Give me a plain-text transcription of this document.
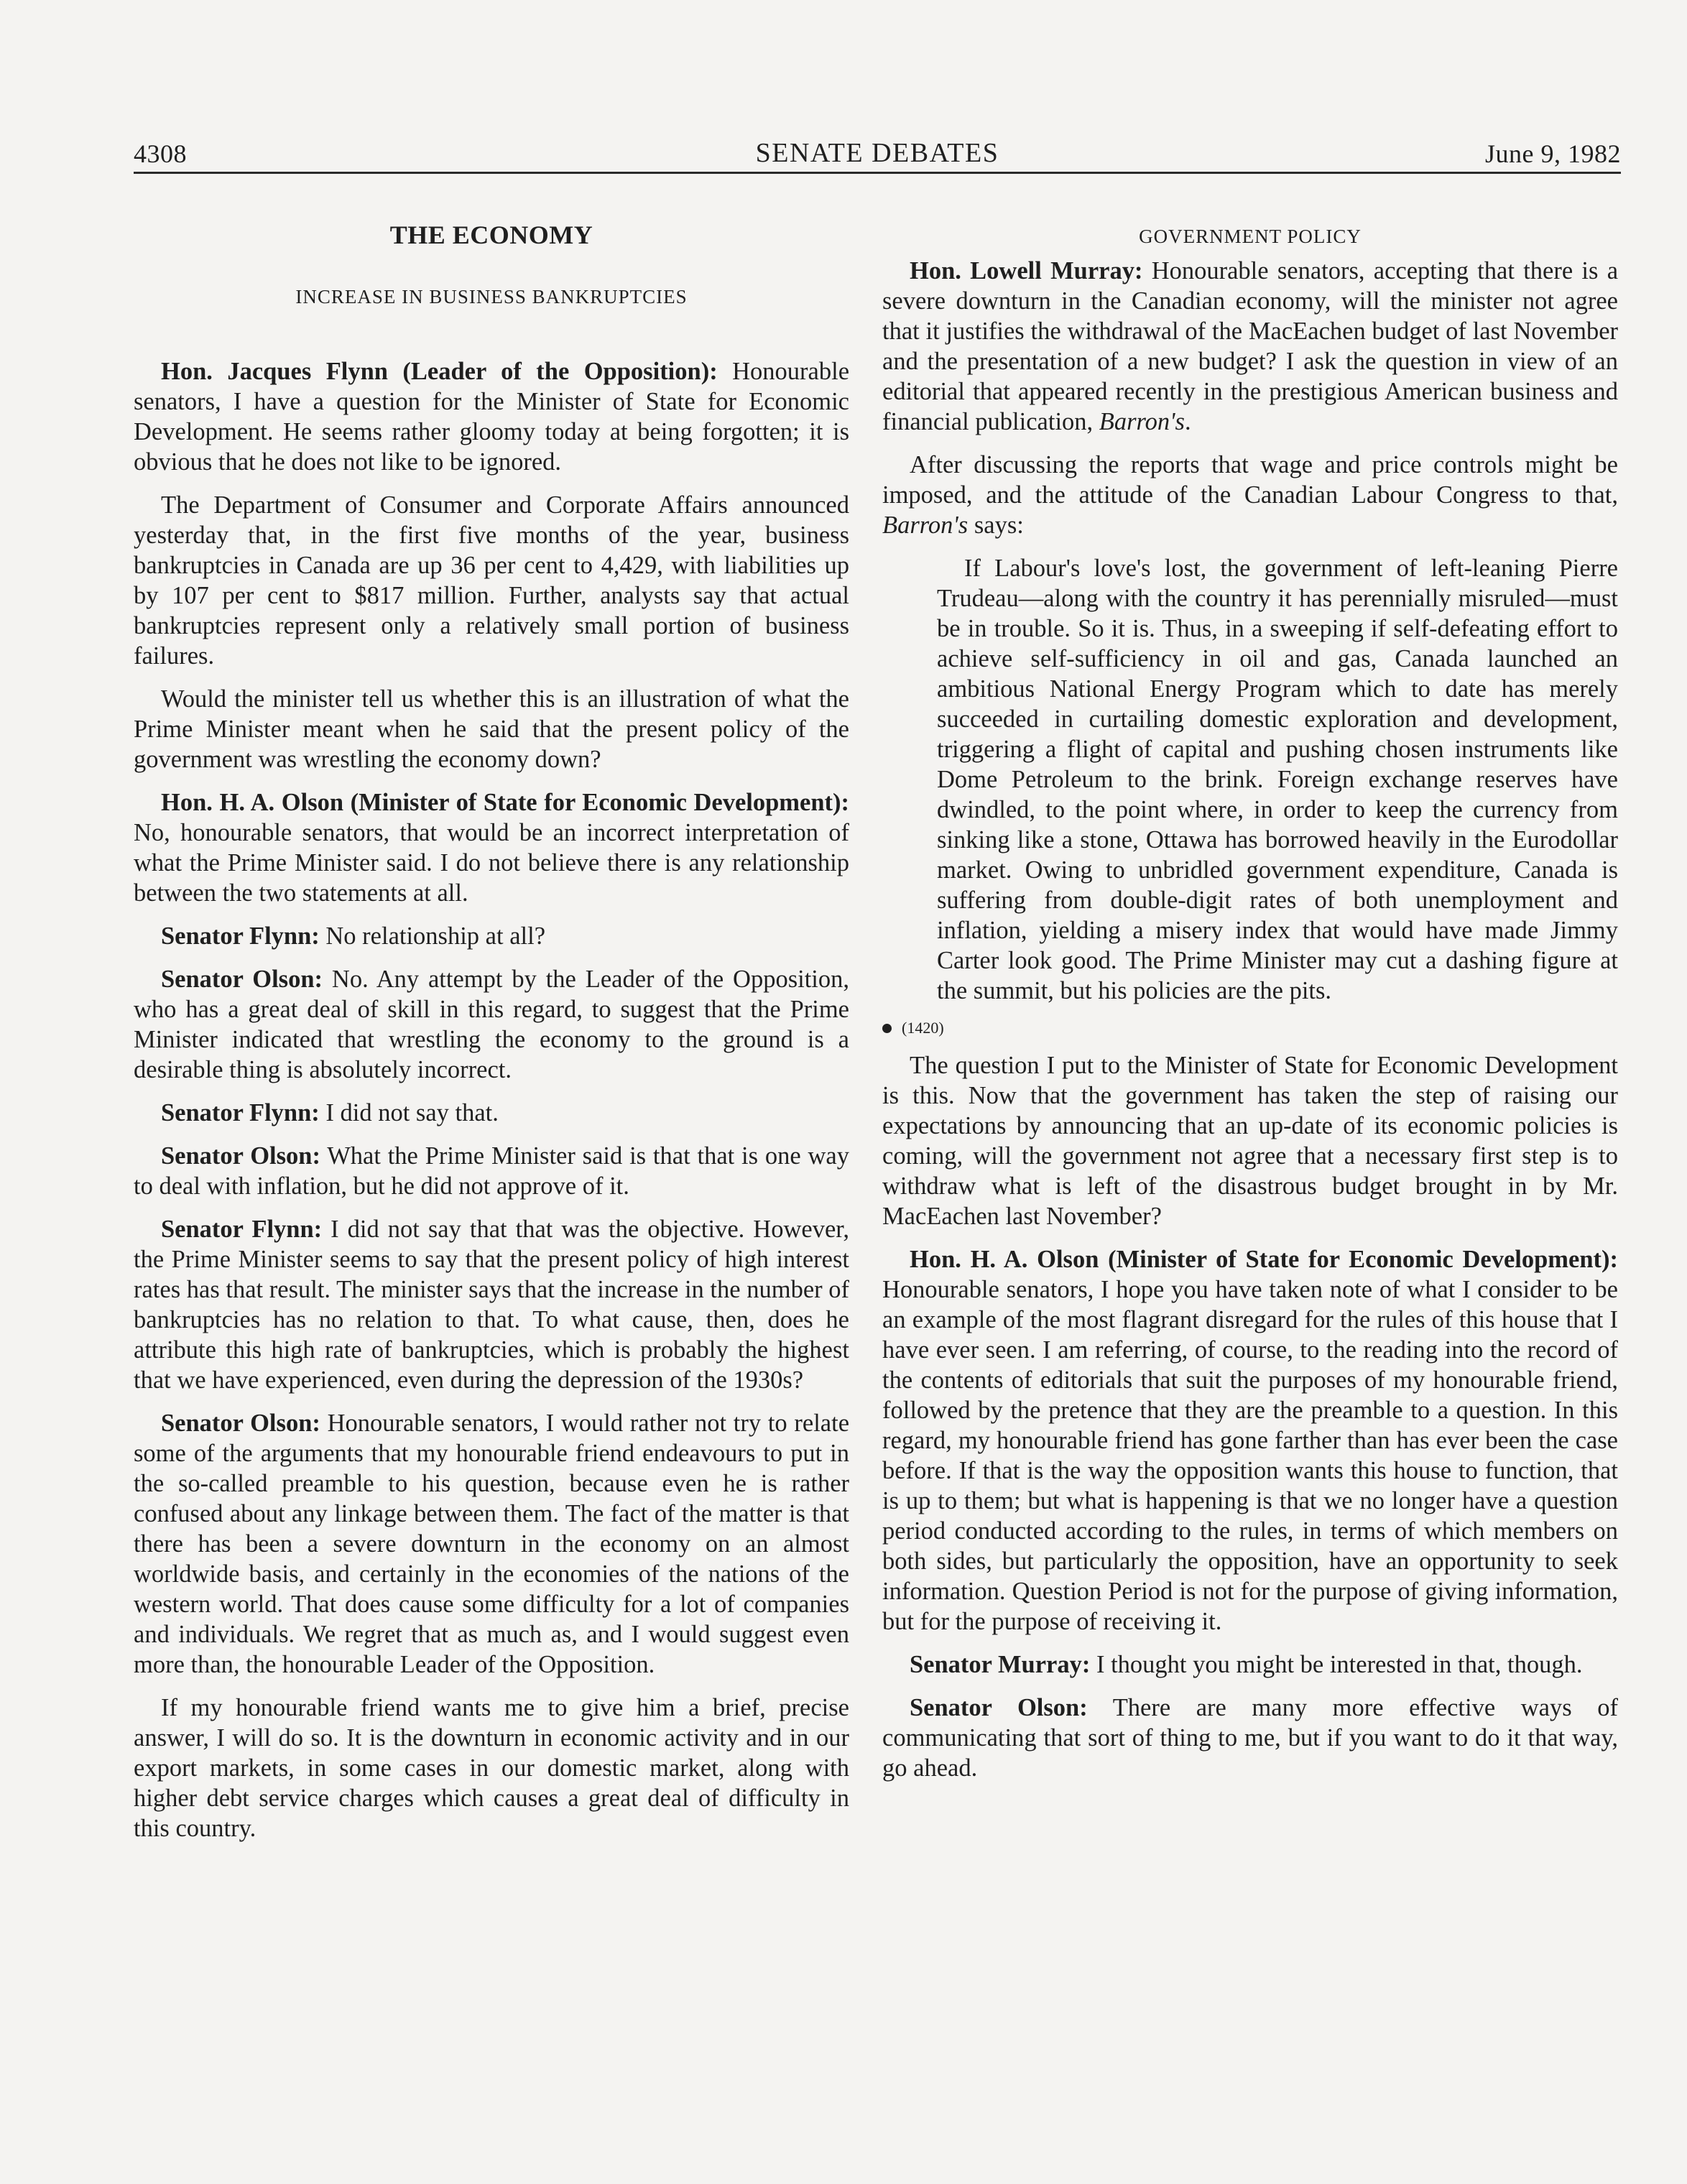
4308	SENATE DEBATES	June 9, 1982
THE ECONOMY
INCREASE IN BUSINESS BANKRUPTCIES

Hon. Jacques Flynn (Leader of the Opposition): Honourable senators, I have a question for the Minister of State for Economic Development. He seems rather gloomy today at being forgotten; it is obvious that he does not like to be ignored.

The Department of Consumer and Corporate Affairs announced yesterday that, in the first five months of the year, business bankruptcies in Canada are up 36 per cent to 4,429, with liabilities up by 107 per cent to $817 million. Further, analysts say that actual bankruptcies represent only a relatively small portion of business failures.

Would the minister tell us whether this is an illustration of what the Prime Minister meant when he said that the present policy of the government was wrestling the economy down?

Hon. H. A. Olson (Minister of State for Economic Development): No, honourable senators, that would be an incorrect interpretation of what the Prime Minister said. I do not believe there is any relationship between the two statements at all.

Senator Flynn: No relationship at all?

Senator Olson: No. Any attempt by the Leader of the Opposition, who has a great deal of skill in this regard, to suggest that the Prime Minister indicated that wrestling the economy to the ground is a desirable thing is absolutely incorrect.

Senator Flynn: I did not say that.

Senator Olson: What the Prime Minister said is that that is one way to deal with inflation, but he did not approve of it.

Senator Flynn: I did not say that that was the objective. However, the Prime Minister seems to say that the present policy of high interest rates has that result. The minister says that the increase in the number of bankruptcies has no relation to that. To what cause, then, does he attribute this high rate of bankruptcies, which is probably the highest that we have experienced, even during the depression of the 1930s?

Senator Olson: Honourable senators, I would rather not try to relate some of the arguments that my honourable friend endeavours to put in the so-called preamble to his question, because even he is rather confused about any linkage between them. The fact of the matter is that there has been a severe downturn in the economy on an almost worldwide basis, and certainly in the economies of the nations of the western world. That does cause some difficulty for a lot of companies and individuals. We regret that as much as, and I would suggest even more than, the honourable Leader of the Opposition.

If my honourable friend wants me to give him a brief, precise answer, I will do so. It is the downturn in economic activity and in our export markets, in some cases in our domestic market, along with higher debt service charges which causes a great deal of difficulty in this country.

GOVERNMENT POLICY

Hon. Lowell Murray: Honourable senators, accepting that there is a severe downturn in the Canadian economy, will the minister not agree that it justifies the withdrawal of the MacEachen budget of last November and the presentation of a new budget? I ask the question in view of an editorial that appeared recently in the prestigious American business and financial publication, Barron's.

After discussing the reports that wage and price controls might be imposed, and the attitude of the Canadian Labour Congress to that, Barron's says:

If Labour's love's lost, the government of left-leaning Pierre Trudeau—along with the country it has perennially misruled—must be in trouble. So it is. Thus, in a sweeping if self-defeating effort to achieve self-sufficiency in oil and gas, Canada launched an ambitious National Energy Program which to date has merely succeeded in curtailing domestic exploration and development, triggering a flight of capital and pushing chosen instruments like Dome Petroleum to the brink. Foreign exchange reserves have dwindled, to the point where, in order to keep the currency from sinking like a stone, Ottawa has borrowed heavily in the Eurodollar market. Owing to unbridled government expenditure, Canada is suffering from double-digit rates of both unemployment and inflation, yielding a misery index that would have made Jimmy Carter look good. The Prime Minister may cut a dashing figure at the summit, but his policies are the pits.
(1420)

The question I put to the Minister of State for Economic Development is this. Now that the government has taken the step of raising our expectations by announcing that an up-date of its economic policies is coming, will the government not agree that a necessary first step is to withdraw what is left of the disastrous budget brought in by Mr. MacEachen last November?

Hon. H. A. Olson (Minister of State for Economic Development): Honourable senators, I hope you have taken note of what I consider to be an example of the most flagrant disregard for the rules of this house that I have ever seen. I am referring, of course, to the reading into the record of the contents of editorials that suit the purposes of my honourable friend, followed by the pretence that they are the preamble to a question. In this regard, my honourable friend has gone farther than has ever been the case before. If that is the way the opposition wants this house to function, that is up to them; but what is happening is that we no longer have a question period conducted according to the rules, in terms of which members on both sides, but particularly the opposition, have an opportunity to seek information. Question Period is not for the purpose of giving information, but for the purpose of receiving it.

Senator Murray: I thought you might be interested in that, though.

Senator Olson: There are many more effective ways of communicating that sort of thing to me, but if you want to do it that way, go ahead.
